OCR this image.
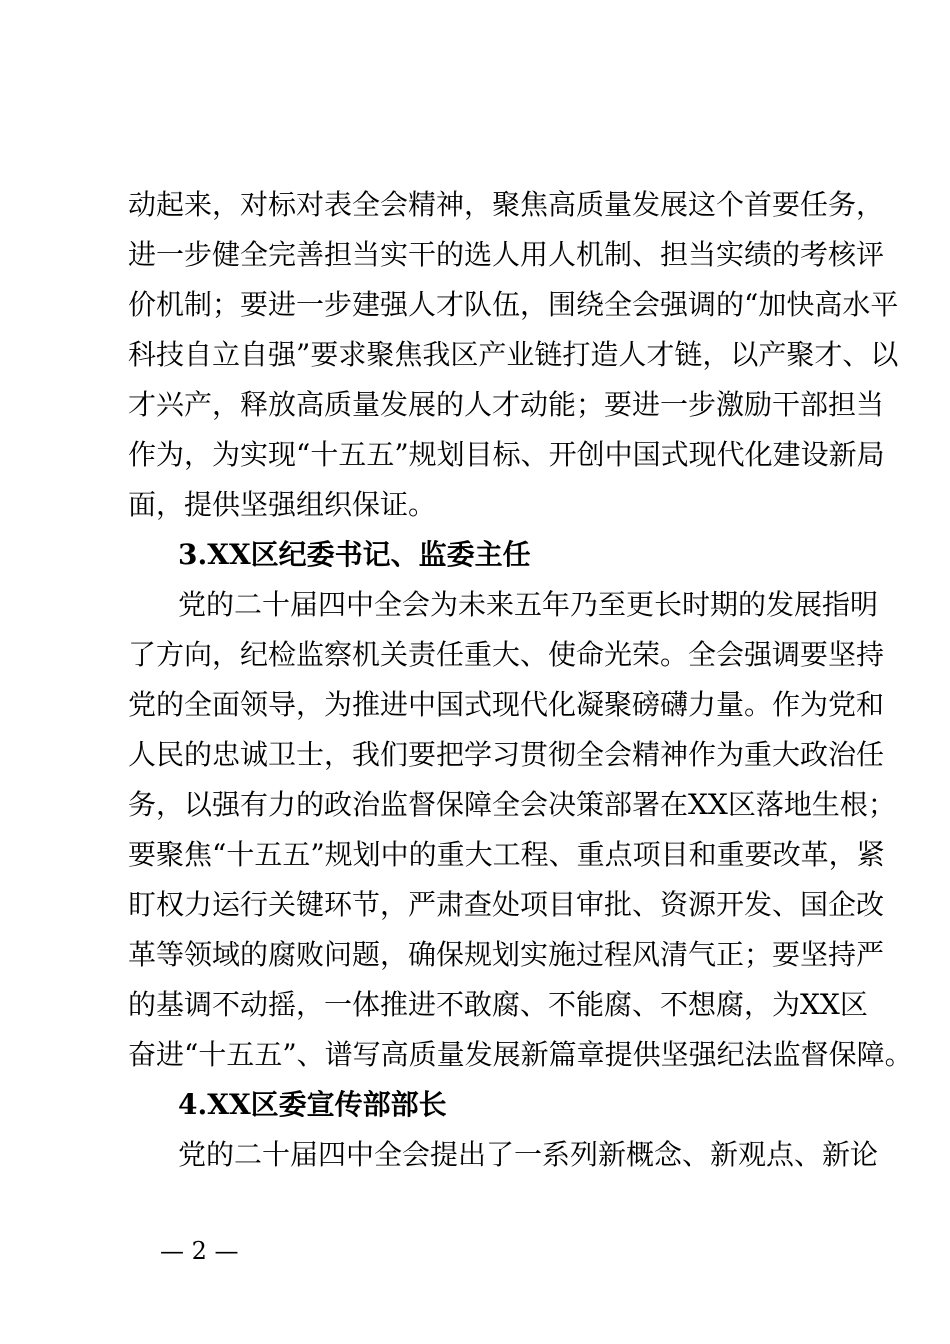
动起来，对标对表全会精神，聚焦高质量发展这个首要任务，
进一步健全完善担当实干的选人用人机制、担当实绩的考核评
价机制；要进一步建强人才队伍，围绕全会强调的“加快高水平
科技自立自强”要求聚焦我区产业链打造人才链，以产聚才、以
才兴产，释放高质量发展的人才动能；要进一步激励干部担当
作为，为实现“十五五”规划目标、开创中国式现代化建设新局
面，提供坚强组织保证。
3.XX区纪委书记、监委主任
党的二十届四中全会为未来五年乃至更长时期的发展指明
了方向，纪检监察机关责任重大、使命光荣。全会强调要坚持
党的全面领导，为推进中国式现代化凝聚磅礴力量。作为党和
人民的忠诚卫士，我们要把学习贯彻全会精神作为重大政治任
务，以强有力的政治监督保障全会决策部署在XX区落地生根；
要聚焦“十五五”规划中的重大工程、重点项目和重要改革，紧
盯权力运行关键环节，严肃查处项目审批、资源开发、国企改
革等领域的腐败问题，确保规划实施过程风清气正；要坚持严
的基调不动摇，一体推进不敢腐、不能腐、不想腐，为XX区
奋进“十五五”、谱写高质量发展新篇章提供坚强纪法监督保障。
4.XX区委宣传部部长
党的二十届四中全会提出了一系列新概念、新观点、新论
— 2 —
